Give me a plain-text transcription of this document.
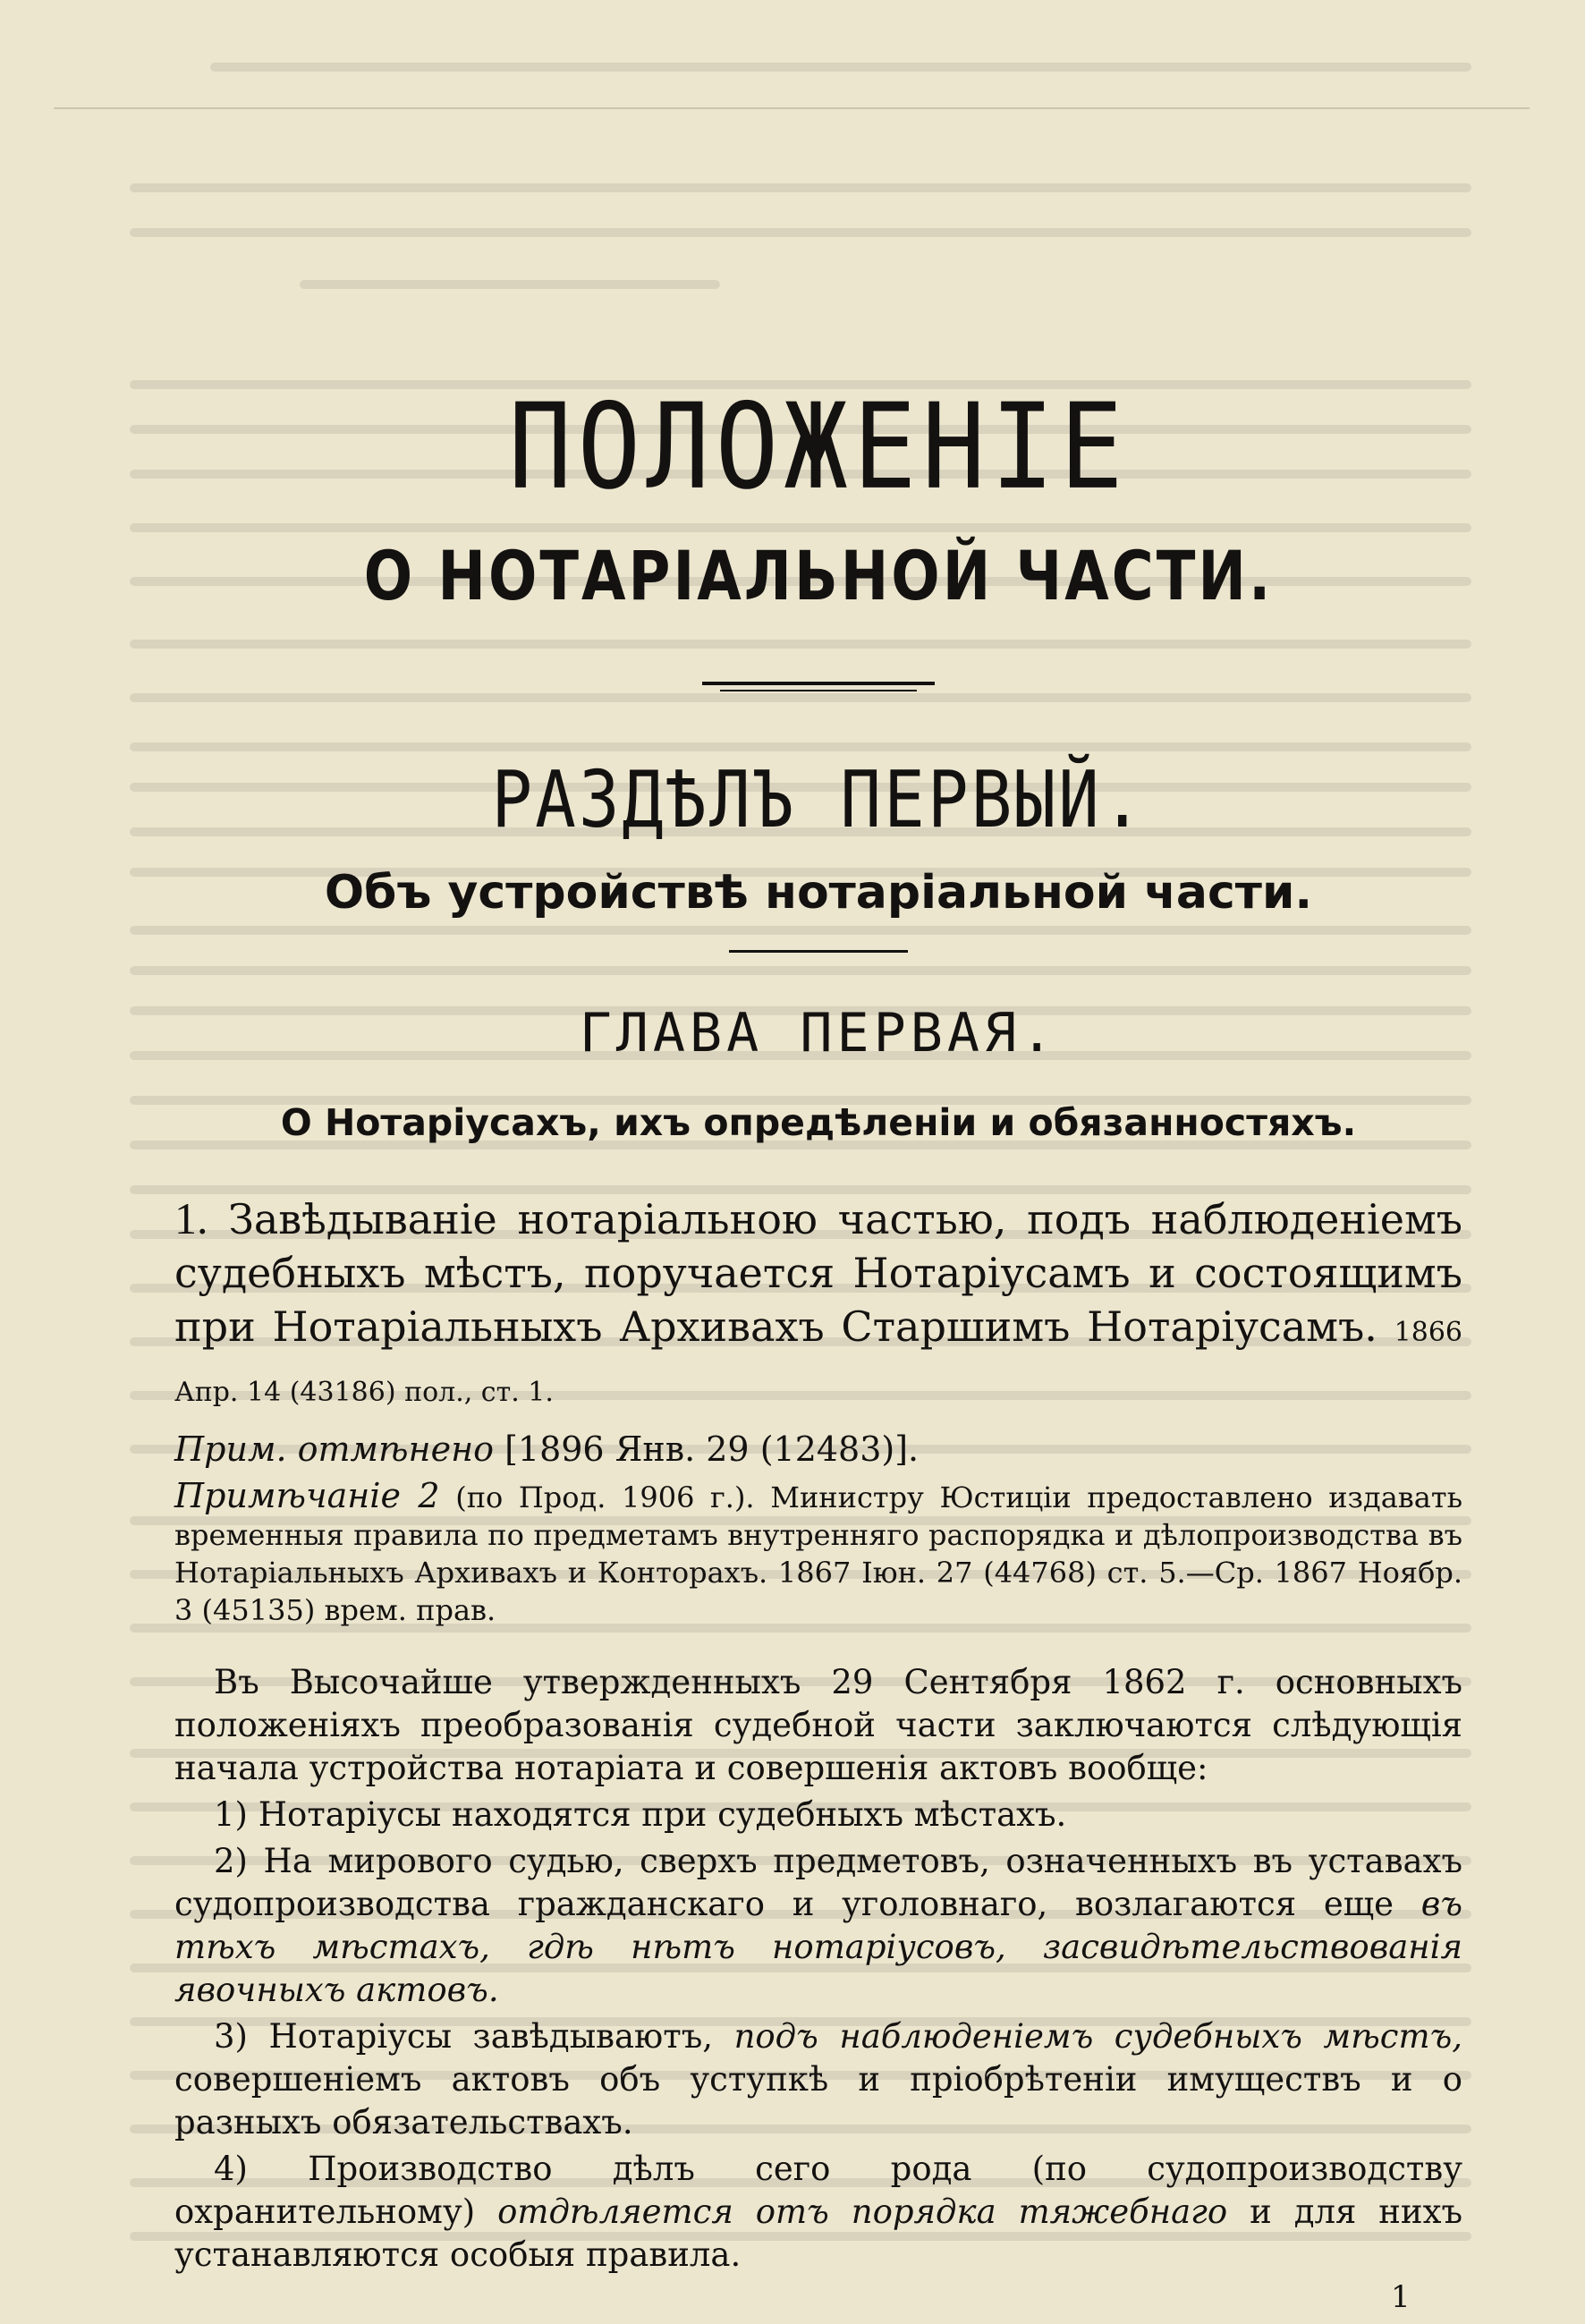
ПОЛОЖЕНІЕ
О НОТАРІАЛЬНОЙ ЧАСТИ.
РАЗДѢЛЪ ПЕРВЫЙ.
Объ устройствѣ нотаріальной части.
ГЛАВА ПЕРВАЯ.
О Нотаріусахъ, ихъ опредѣленіи и обязанностяхъ.

1. Завѣдываніе нотаріальною частью, подъ наблюденіемъ судебныхъ мѣстъ, поручается Нотаріусамъ и состоящимъ при Нотаріальныхъ Архивахъ Старшимъ Нотаріусамъ. 1866 Апр. 14 (43186) пол., ст. 1.

Прим. отмѣнено [1896 Янв. 29 (12483)].

Примѣчаніе 2 (по Прод. 1906 г.). Министру Юстиціи предоставлено издавать временныя правила по предметамъ внутренняго распорядка и дѣлопроизводства въ Нотаріальныхъ Архивахъ и Конторахъ. 1867 Іюн. 27 (44768) ст. 5.—Ср. 1867 Ноябр. 3 (45135) врем. прав.

Въ Высочайше утвержденныхъ 29 Сентября 1862 г. основныхъ положеніяхъ преобразованія судебной части заключаются слѣдующія начала устройства нотаріата и совершенія актовъ вообще:

1) Нотаріусы находятся при судебныхъ мѣстахъ.

2) На мирового судью, сверхъ предметовъ, означенныхъ въ уставахъ судопроизводства гражданскаго и уголовнаго, возлагаются еще въ тѣхъ мѣстахъ, гдѣ нѣтъ нотаріусовъ, засвидѣтельствованія явочныхъ актовъ.

3) Нотаріусы завѣдываютъ, подъ наблюденіемъ судебныхъ мѣстъ, совершеніемъ актовъ объ уступкѣ и пріобрѣтеніи имуществъ и о разныхъ обязательствахъ.

4) Производство дѣлъ сего рода (по судопроизводству охранительному) отдѣляется отъ порядка тяжебнаго и для нихъ устанавляются особыя правила.

1
